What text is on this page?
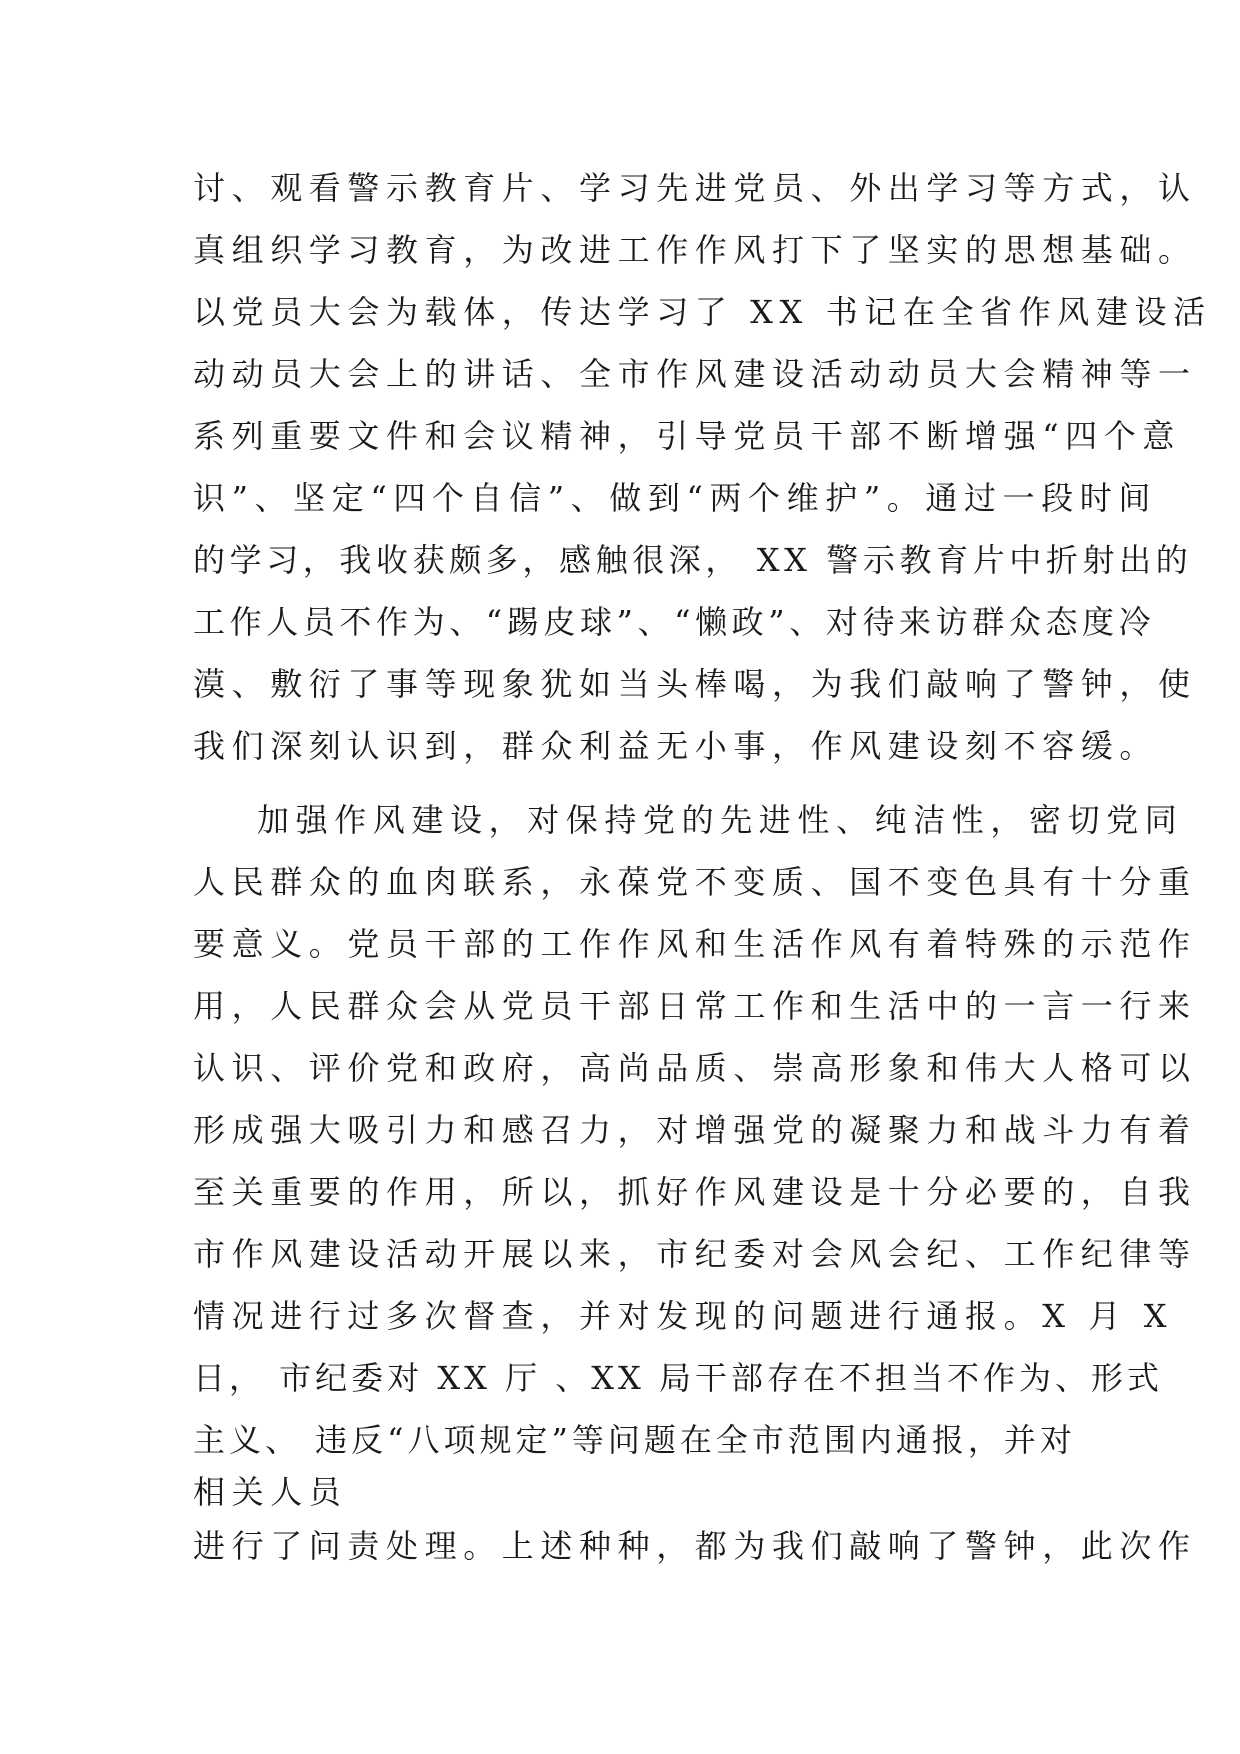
讨、观看警示教育片、学习先进党员、外出学习等方式，认
真组织学习教育，为改进工作作风打下了坚实的思想基础。
以党员大会为载体，传达学习了 XX 书记在全省作风建设活
动动员大会上的讲话、全市作风建设活动动员大会精神等一
系列重要文件和会议精神，引导党员干部不断增强“四个意
识”、坚定“四个自信”、做到“两个维护”。通过一段时间
的学习，我收获颇多，感触很深， XX 警示教育片中折射出的
工作人员不作为、“踢皮球”、“懒政”、对待来访群众态度冷
漠、敷衍了事等现象犹如当头棒喝，为我们敲响了警钟，使
我们深刻认识到，群众利益无小事，作风建设刻不容缓。
加强作风建设，对保持党的先进性、纯洁性，密切党同
人民群众的血肉联系，永葆党不变质、国不变色具有十分重
要意义。党员干部的工作作风和生活作风有着特殊的示范作
用，人民群众会从党员干部日常工作和生活中的一言一行来
认识、评价党和政府，高尚品质、崇高形象和伟大人格可以
形成强大吸引力和感召力，对增强党的凝聚力和战斗力有着
至关重要的作用，所以，抓好作风建设是十分必要的，自我
市作风建设活动开展以来，市纪委对会风会纪、工作纪律等
情况进行过多次督查，并对发现的问题进行通报。X 月 X
日， 市纪委对 XX 厅 、XX 局干部存在不担当不作为、形式
主义、 违反“八项规定”等问题在全市范围内通报，并对
相关人员
进行了问责处理。上述种种，都为我们敲响了警钟，此次作
